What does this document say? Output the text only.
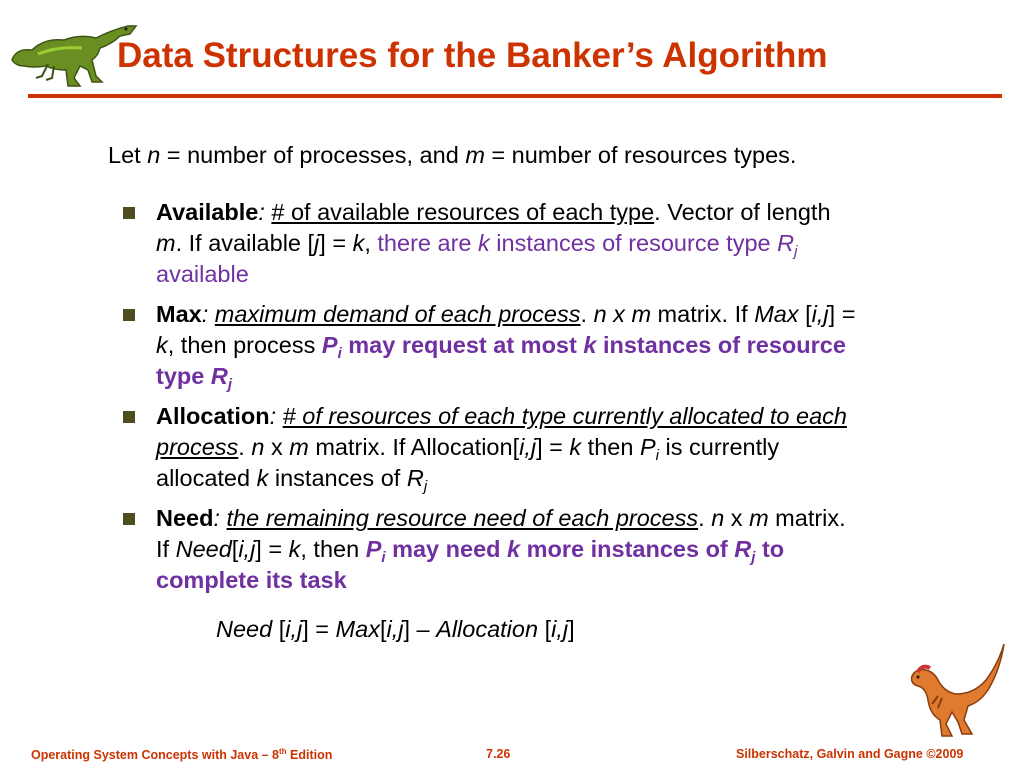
Data Structures for the Banker’s Algorithm
Let n = number of processes, and m = number of resources types.
Available: # of available resources of each type. Vector of length m. If available [j] = k, there are k instances of resource type $R_j$ available
Max: maximum demand of each process. n x m matrix. If Max [i,j] = k, then process $P_i$ may request at most k instances of resource type $R_j$
Allocation: # of resources of each type currently allocated to each process. n x m matrix. If Allocation[i,j] = k then $P_i$ is currently allocated k instances of $R_j$
Need: the remaining resource need of each process. n x m matrix. If Need[i,j] = k, then $P_i$ may need k more instances of $R_j$ to complete its task
Need [i,j] = Max[i,j] – Allocation [i,j]
Operating System Concepts with Java – 8th Edition	7.26	Silberschatz, Galvin and Gagne ©2009
